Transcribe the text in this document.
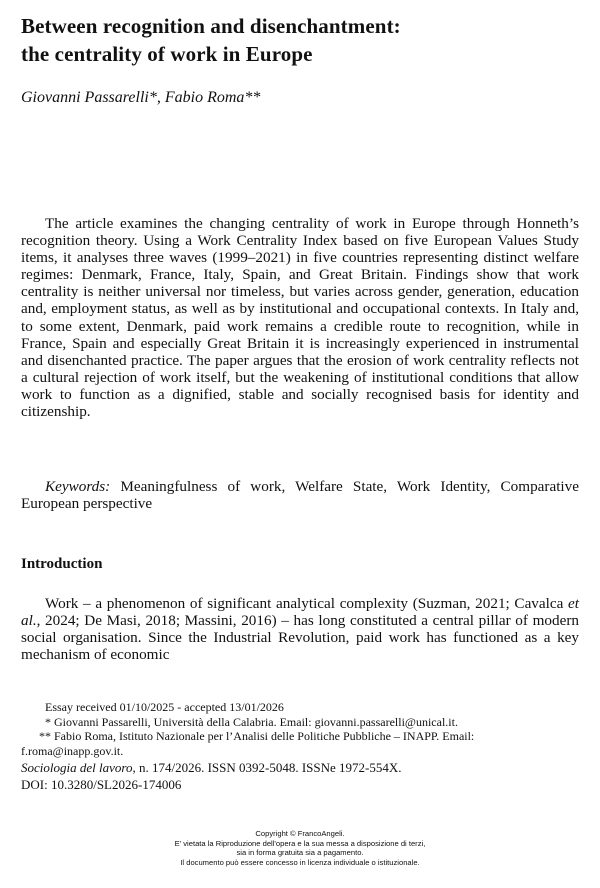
Between recognition and disenchantment:
the centrality of work in Europe

Giovanni Passarelli*, Fabio Roma**

The article examines the changing centrality of work in Europe through Honneth’s recognition theory. Using a Work Centrality Index based on five European Values Study items, it analyses three waves (1999–2021) in five countries representing distinct welfare regimes: Denmark, France, Italy, Spain, and Great Britain. Findings show that work centrality is neither universal nor timeless, but varies across gender, generation, education and, employment status, as well as by institutional and occupational contexts. In Italy and, to some extent, Denmark, paid work remains a credible route to recognition, while in France, Spain and especially Great Britain it is increasingly experienced in instrumental and disenchanted practice. The paper argues that the erosion of work centrality reflects not a cultural rejection of work itself, but the weakening of institutional conditions that allow work to function as a dignified, stable and socially recognised basis for identity and citizenship.

Keywords: Meaningfulness of work, Welfare State, Work Identity, Comparative European perspective

Introduction

Work – a phenomenon of significant analytical complexity (Suzman, 2021; Cavalca et al., 2024; De Masi, 2018; Massini, 2016) – has long constituted a central pillar of modern social organisation. Since the Industrial Revolution, paid work has functioned as a key mechanism of economic

Essay received 01/10/2025 - accepted 13/01/2026

* Giovanni Passarelli, Università della Calabria. Email: giovanni.passarelli@unical.it.

** Fabio Roma, Istituto Nazionale per l’Analisi delle Politiche Pubbliche – INAPP. Email:

f.roma@inapp.gov.it.

Sociologia del lavoro, n. 174/2026. ISSN 0392-5048. ISSNe 1972-554X.

DOI: 10.3280/SL2026-174006

Copyright © FrancoAngeli.

E’ vietata la Riproduzione dell'opera e la sua messa a disposizione di terzi,

sia in forma gratuita sia a pagamento.

Il documento può essere concesso in licenza individuale o istituzionale.
